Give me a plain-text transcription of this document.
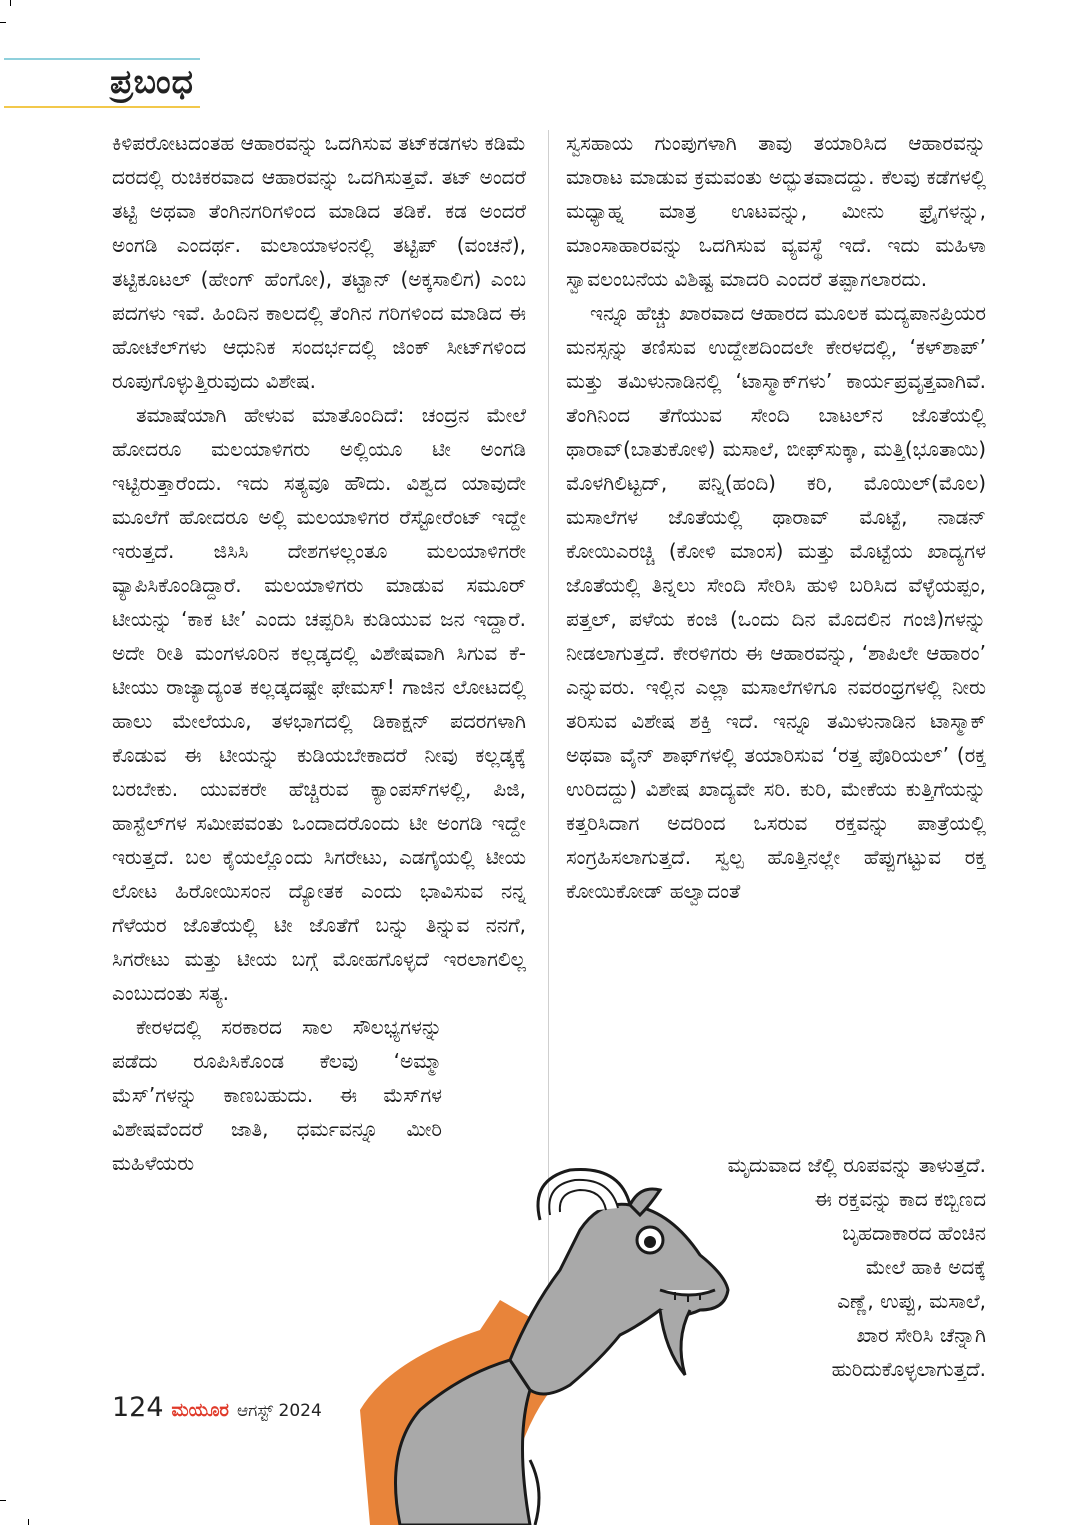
ಪ್ರಬಂಧ

ಕಿಳಿಪರೋಟದಂತಹ ಆಹಾರವನ್ನು ಒದಗಿಸುವ ತಟ್‌ಕಡಗಳು ಕಡಿಮೆ ದರದಲ್ಲಿ ರುಚಿಕರವಾದ ಆಹಾರವನ್ನು ಒದಗಿಸುತ್ತವೆ. ತಟ್ ಅಂದರೆ ತಟ್ಟಿ ಅಥವಾ ತೆಂಗಿನಗರಿಗಳಿಂದ ಮಾಡಿದ ತಡಿಕೆ. ಕಡ ಅಂದರೆ ಅಂಗಡಿ ಎಂದರ್ಥ. ಮಲಾಯಾಳಂನಲ್ಲಿ ತಟ್ಟಿಪ್ (ವಂಚನೆ), ತಟ್ಟಿಕೂಟಲ್ (ಹೇಂಗ್ ಹೆಂಗೋ), ತಟ್ಟಾನ್ (ಅಕ್ಕಸಾಲಿಗ) ಎಂಬ ಪದಗಳು ಇವೆ. ಹಿಂದಿನ ಕಾಲದಲ್ಲಿ ತೆಂಗಿನ ಗರಿಗಳಿಂದ ಮಾಡಿದ ಈ ಹೋಟೆಲ್‌ಗಳು ಆಧುನಿಕ ಸಂದರ್ಭದಲ್ಲಿ ಜಿಂಕ್ ಸೀಟ್‌ಗಳಿಂದ ರೂಪುಗೊಳ್ಳುತ್ತಿರುವುದು ವಿಶೇಷ.

ತಮಾಷೆಯಾಗಿ ಹೇಳುವ ಮಾತೊಂದಿದೆ: ಚಂದ್ರನ ಮೇಲೆ ಹೋದರೂ ಮಲಯಾಳಿಗರು ಅಲ್ಲಿಯೂ ಟೀ ಅಂಗಡಿ ಇಟ್ಟಿರುತ್ತಾರೆಂದು. ಇದು ಸತ್ಯವೂ ಹೌದು. ವಿಶ್ವದ ಯಾವುದೇ ಮೂಲೆಗೆ ಹೋದರೂ ಅಲ್ಲಿ ಮಲಯಾಳಿಗರ ರೆಸ್ಟೋರೆಂಟ್ ಇದ್ದೇ ಇರುತ್ತದೆ. ಜಿಸಿಸಿ ದೇಶಗಳಲ್ಲಂತೂ ಮಲಯಾಳಿಗರೇ ವ್ಯಾಪಿಸಿಕೊಂಡಿದ್ದಾರೆ. ಮಲಯಾಳಿಗರು ಮಾಡುವ ಸಮೂರ್ ಟೀಯನ್ನು ‘ಕಾಕ ಟೀ’ ಎಂದು ಚಪ್ಪರಿಸಿ ಕುಡಿಯುವ ಜನ ಇದ್ದಾರೆ. ಅದೇ ರೀತಿ ಮಂಗಳೂರಿನ ಕಲ್ಲಡ್ಕದಲ್ಲಿ ವಿಶೇಷವಾಗಿ ಸಿಗುವ ಕೆ-ಟೀಯು ರಾಜ್ಯಾದ್ಯಂತ ಕಲ್ಲಡ್ಕದಷ್ಟೇ ಫೇಮಸ್! ಗಾಜಿನ ಲೋಟದಲ್ಲಿ ಹಾಲು ಮೇಲೆಯೂ, ತಳಭಾಗದಲ್ಲಿ ಡಿಕಾಕ್ಷನ್ ಪದರಗಳಾಗಿ ಕೊಡುವ ಈ ಟೀಯನ್ನು ಕುಡಿಯಬೇಕಾದರೆ ನೀವು ಕಲ್ಲಡ್ಕಕ್ಕೆ ಬರಬೇಕು. ಯುವಕರೇ ಹೆಚ್ಚಿರುವ ಕ್ಯಾಂಪಸ್‌ಗಳಲ್ಲಿ, ಪಿಜಿ, ಹಾಸ್ಟೆಲ್‌ಗಳ ಸಮೀಪವಂತು ಒಂದಾದರೊಂದು ಟೀ ಅಂಗಡಿ ಇದ್ದೇ ಇರುತ್ತದೆ. ಬಲ ಕೈಯಲ್ಲೊಂದು ಸಿಗರೇಟು, ಎಡಗೈಯಲ್ಲಿ ಟೀಯ ಲೋಟ ಹಿರೋಯಿಸಂನ ದ್ಯೋತಕ ಎಂದು ಭಾವಿಸುವ ನನ್ನ ಗೆಳೆಯರ ಜೊತೆಯಲ್ಲಿ ಟೀ ಜೊತೆಗೆ ಬನ್ನು ತಿನ್ನುವ ನನಗೆ, ಸಿಗರೇಟು ಮತ್ತು ಟೀಯ ಬಗ್ಗೆ ಮೋಹಗೊಳ್ಳದೆ ಇರಲಾಗಲಿಲ್ಲ ಎಂಬುದಂತು ಸತ್ಯ.

ಕೇರಳದಲ್ಲಿ ಸರಕಾರದ ಸಾಲ ಸೌಲಭ್ಯಗಳನ್ನು ಪಡೆದು ರೂಪಿಸಿಕೊಂಡ ಕೆಲವು ‘ಅಮ್ಮಾ ಮೆಸ್’ಗಳನ್ನು ಕಾಣಬಹುದು. ಈ ಮೆಸ್‌ಗಳ ವಿಶೇಷವೆಂದರೆ ಜಾತಿ, ಧರ್ಮವನ್ನೂ ಮೀರಿ ಮಹಿಳೆಯರು

ಸ್ವಸಹಾಯ ಗುಂಪುಗಳಾಗಿ ತಾವು ತಯಾರಿಸಿದ ಆಹಾರವನ್ನು ಮಾರಾಟ ಮಾಡುವ ಕ್ರಮವಂತು ಅದ್ಭುತವಾದದ್ದು. ಕೆಲವು ಕಡೆಗಳಲ್ಲಿ ಮಧ್ಯಾಹ್ನ ಮಾತ್ರ ಊಟವನ್ನು, ಮೀನು ಫ್ರೈಗಳನ್ನು, ಮಾಂಸಾಹಾರವನ್ನು ಒದಗಿಸುವ ವ್ಯವಸ್ಥೆ ಇದೆ. ಇದು ಮಹಿಳಾ ಸ್ವಾವಲಂಬನೆಯ ವಿಶಿಷ್ಟ ಮಾದರಿ ಎಂದರೆ ತಪ್ಪಾಗಲಾರದು.

ಇನ್ನೂ ಹೆಚ್ಚು ಖಾರವಾದ ಆಹಾರದ ಮೂಲಕ ಮದ್ಯಪಾನಪ್ರಿಯರ ಮನಸ್ಸನ್ನು ತಣಿಸುವ ಉದ್ದೇಶದಿಂದಲೇ ಕೇರಳದಲ್ಲಿ, ‘ಕಳ್‌ಶಾಪ್’ ಮತ್ತು ತಮಿಳುನಾಡಿನಲ್ಲಿ ‘ಟಾಸ್ಮಾಕ್‌ಗಳು’ ಕಾರ್ಯಪ್ರವೃತ್ತವಾಗಿವೆ. ತೆಂಗಿನಿಂದ ತೆಗೆಯುವ ಸೇಂದಿ ಬಾಟಲ್‌ನ ಜೊತೆಯಲ್ಲಿ ಥಾರಾವ್(ಬಾತುಕೋಳಿ) ಮಸಾಲೆ, ಬೀಫ್‌ಸುಕ್ಕಾ, ಮತ್ತಿ(ಭೂತಾಯಿ) ಮೊಳಗಿಲಿಟ್ಟದ್, ಪನ್ನಿ(ಹಂದಿ) ಕರಿ, ಮೊಯಿಲ್(ಮೊಲ) ಮಸಾಲೆಗಳ ಜೊತೆಯಲ್ಲಿ ಥಾರಾವ್ ಮೊಟ್ಟೆ, ನಾಡನ್ ಕೋಯಿಎರಚ್ಚಿ (ಕೋಳಿ ಮಾಂಸ) ಮತ್ತು ಮೊಟ್ಟೆಯ ಖಾದ್ಯಗಳ ಜೊತೆಯಲ್ಲಿ ತಿನ್ನಲು ಸೇಂದಿ ಸೇರಿಸಿ ಹುಳಿ ಬರಿಸಿದ ವೆಳ್ಳೆಯಪ್ಪಂ, ಪತ್ತಲ್, ಪಳೆಯ ಕಂಜಿ (ಒಂದು ದಿನ ಮೊದಲಿನ ಗಂಜಿ)ಗಳನ್ನು ನೀಡಲಾಗುತ್ತದೆ. ಕೇರಳಿಗರು ಈ ಆಹಾರವನ್ನು, ‘ಶಾಪಿಲೇ ಆಹಾರಂ’ ಎನ್ನುವರು. ಇಲ್ಲಿನ ಎಲ್ಲಾ ಮಸಾಲೆಗಳಿಗೂ ನವರಂಧ್ರಗಳಲ್ಲಿ ನೀರು ತರಿಸುವ ವಿಶೇಷ ಶಕ್ತಿ ಇದೆ. ಇನ್ನೂ ತಮಿಳುನಾಡಿನ ಟಾಸ್ಮಾಕ್ ಅಥವಾ ವೈನ್ ಶಾಫ್‌ಗಳಲ್ಲಿ ತಯಾರಿಸುವ ‘ರತ್ತ ಪೊರಿಯಲ್’ (ರಕ್ತ ಉರಿದದ್ದು) ವಿಶೇಷ ಖಾದ್ಯವೇ ಸರಿ. ಕುರಿ, ಮೇಕೆಯ ಕುತ್ತಿಗೆಯನ್ನು ಕತ್ತರಿಸಿದಾಗ ಅದರಿಂದ ಒಸರುವ ರಕ್ತವನ್ನು ಪಾತ್ರೆಯಲ್ಲಿ ಸಂಗ್ರಹಿಸಲಾಗುತ್ತದೆ. ಸ್ವಲ್ಪ ಹೊತ್ತಿನಲ್ಲೇ ಹೆಪ್ಪುಗಟ್ಟುವ ರಕ್ತ ಕೋಯಿಕೋಡ್ ಹಲ್ವಾದಂತೆ

ಮೃದುವಾದ ಜೆಲ್ಲಿ ರೂಪವನ್ನು ತಾಳುತ್ತದೆ.

ಈ ರಕ್ತವನ್ನು ಕಾದ ಕಬ್ಬಿಣದ

ಬೃಹದಾಕಾರದ ಹೆಂಚಿನ

ಮೇಲೆ ಹಾಕಿ ಅದಕ್ಕೆ

ಎಣ್ಣೆ, ಉಪ್ಪು, ಮಸಾಲೆ,

ಖಾರ ಸೇರಿಸಿ ಚೆನ್ನಾಗಿ

ಹುರಿದುಕೊಳ್ಳಲಾಗುತ್ತದೆ.

124 ಮಯೂರ ಆಗಸ್ಟ್ 2024
